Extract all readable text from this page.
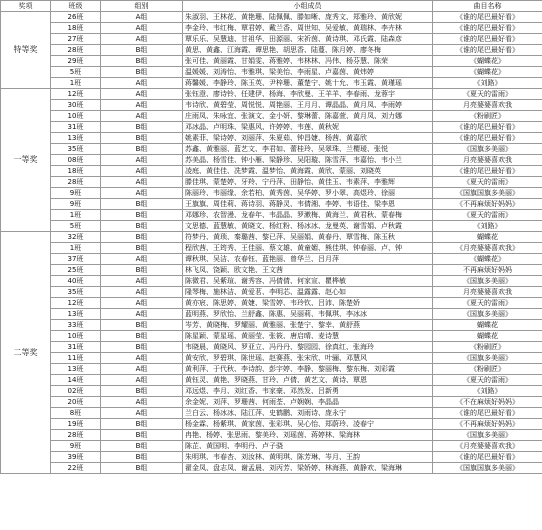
奖项	班级	组别	小组成员	曲目名称
特等奖	26班	A组	朱淑羽、王林花、黄艳珊、陆佩佩、滕如晰、庞秀文、郑雅玲、黄欣妮	《谁的尾巴最好看》
	18班	A组	李金玲、韦红梅、覃君婷、戴兰香、周世知、吴爱敏、黄瑞林、李卉林	《谁的尾巴最好看》
	27班	A组	覃乐乐、吴慧迪、甘祖华、田源丽、宋祈茵、黄诗琪、邓氏霞、陆森彦	《谁的尾巴最好看》
	28班	B组	黄思、黄鑫、江海霞、谭思艳、胡思香、陆蔓、陈月婷、廖冬梅	《谁的尾巴最好看》
	29班	B组	张可佳、黄丽霞、甘娟雯、蒋雅婷、韦林林、冯伟、杨芬慧、陈荣	《蝴蝶花》
	5班	B组	温媛媛、刘涛怡、韦雅琪、梁美怡、李雨星、卢嘉茵、黄炜婷	《蝴蝶花》
	1班	A组	蒋馨媛、李静玲、陈玉英、尹梓珊、董楚宁、姚十允、韦玉霞、黄瑾瑶	《刘路》
一等奖	12班	A组	张钰澄、廖诗铃、任建伊、杨海、李欣曼、王羊羊、李春雨、龙蓉宇	《夏天的雷雨》
	30班	A组	韦诗欣、黄碧莹、周悦悦、周艳丽、王月月、谭晶晶、黄月凤、李雨婷	月亮婆婆喜欢我
	10班	A组	庄雨凤、朱咏宜、张演文、金小妍、黎琳蕾、陈嘉萱、黄月凤、刘力娜	《粉刷匠》
	31班	B组	邓冰晶、卢明珠、梁惠风、许婷婷、韦莲、黄秋妮	《谁的尾巴最好看》
	13班	B组	姚素菲、梁诗婷、刘丽萍、朱夏茹、钟昌婕、杨茜、黄嘉欣	《谁的尾巴最好看》
	35班	B组	苏鑫、黄雅丽、蓝艺文、李君如、蕾桂玲、吴翠珠、兰樱瑷、张悦	《国旗多美丽》
	08班	A组	苏美晶、杨雪佳、钟小雁、梁静珍、吴阳璇、陈雪萍、韦嘉怡、韦小兰	月亮婆婆喜欢我
	18班	A组	凌庭、黄佳佳、冼梦霞、温梦怡、黄海霞、黄欣、蒙丽、刘晓英	《谁的尾巴最好看》
	28班	A组	滕佳琪、蒙楚婷、牙羚、宁丹萍、田静怡、黄佳玉、韦素萍、李雅辉	《夏天的雷雨》
	9班	A组	陈丽玲、韦丽缘、余若柏、黄秀茵、吴华婷、罗小翠、高煜玲、徐丽	《国旗国旗多美丽》
	9班	B组	王旗旗、周佳莉、蒋诗羽、蒋静灵、韦倩湘、李婷、韦语佳、梁李恩	《不再麻烦好妈妈》
	1班	B组	邓娜珍、农智漫、龙春年、韦晶晶、罗漱梅、黄海兰、黄君秋、蒙春梅	《夏天的雷雨》
	5班	B组	文思德、蓝慧敏、黄晓文、杨红粉、杨冰冰、龙曼英、谢雪娟、卢秋霞	《刘路》
二等奖	32班	B组	符梦丹、黄琐、秦璐茜、黎已萍、吴丽娟、黄春丹、覃雪梅、陈玉秋	蝴蝶花
	1班	B组	程欣茜、王筠秀、王佳丽、蔡文雄、黄童媚、熊佳琪、钟春丽、卢、钟	《月亮婆婆喜欢我》
	37班	A组	谭秋琪、吴洁、农春钰、蓝艳丽、曾华兰、吕月萍	《蝴蝶花》
	25班	B组	林飞凤、饶颖、欧文艳、王文茜	不再麻烦好妈妈
	40班	A组	陈微君、吴紫瑄、谢秀容、冯倩倩、何家宣、瞿桦敏	《国旗多美丽》
	35班	A组	隆琴梅、施林洁、黄爱茗、李明芯、温露露、赵心如	月亮婆婆喜欢我
	12班	A组	黄亦宸、陈思婷、黄婕、梁雪婷、韦玲钦、吕沛、陈楚娇	《夏天的雷雨》
	13班	A组	蓝明燕、罗欣怡、兰舒鑫、陈惠、吴丽莉、韦佩琪、李冰冰	《国旗多美丽》
	33班	B组	岑芳、黄晓梅、罗耀丽、黄雅丽、张楚宁、黎幸、黄舒燕	蝴蝶花
	10班	B组	陈星颖、蒙星瑶、黄丽莹、张筱、唐启晴、麦诗慧	蝴蝶花
	31班	B组	韦晓晨、黄晓风、罗亚立、冯丹丹、黎园园、徐真红、张海玲	《粉刷匠》
	11班	A组	黄安欣、罗碧琪、陈世瑶、赵赛燕、张宋欣、叶骊、邓慧风	《国旗多美丽》
	13班	A组	黄利萍、于代秋、李诗韵、彭宇婷、李静、黎丽梅、黎东梅、刘彩霞	《粉刷匠》
	14班	A组	黄钰灵、黄艳、罗晓燕、甘玲、卢倩、黄艺文、黄诗、覃恩	《夏天的雷雨》
	02班	B组	邓远煜、李月、刘红香、韦家豪、邓然发、吕新勇	《刘路》
	20班	A组	余金妮、刘萍、罗珊茜、何雨荃、卢娴娴、李晶晶	《不在麻烦好妈妈》
	8班	A组	兰白云、杨冰冰、陆江萍、史鹤鹏、刘雨诗、庞永宁	《谁的尾巴最好看》
	19班	B组	杨金霖、杨紫琪、黄家茵、张彩琪、吴心怡、郑蔚玲、凌春宁	《不再麻烦好妈妈》
	28班	B组	冉艳、杨婷、张思雨、黎美玲、刘瑶茵、蒋婷林、梁海林	《国旗多美丽》
	9班	B组	陈芷、黄国明、李明丹、卢子骁	《月亮婆婆喜欢我》
	39班	B组	朱明琪、韦春杏、刘汝林、黄明琪、陈芳琳、岑月、王韵	《谁的尾巴最好看》
	22班	B组	翟金凤、盘志凤、谢孟晨、刘丙芳、梁娇婷、林海燕、黄静欢、梁海琳	《国旗国旗多美丽》
